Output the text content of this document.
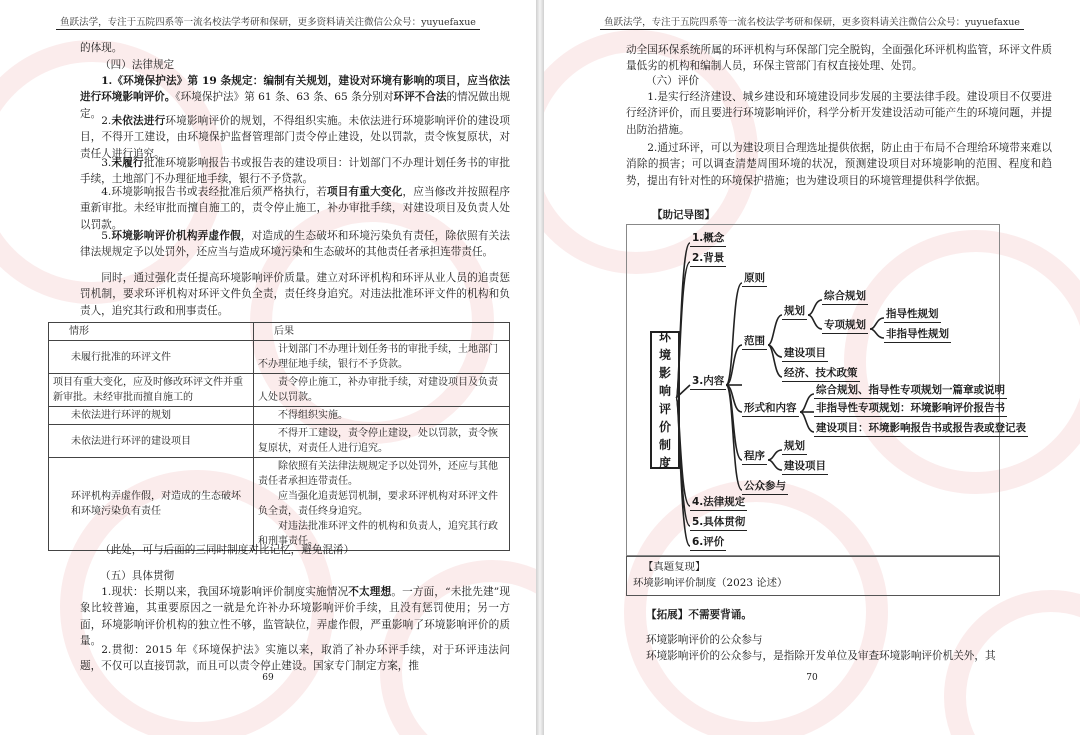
鱼跃法学，专注于五院四系等一流名校法学考研和保研，更多资料请关注微信公众号：yuyuefaxue
的体现。
（四）法律规定
1.《环境保护法》第 19 条规定：编制有关规划，建设对环境有影响的项目，应当依法进行环境影响评价。《环境保护法》第 61 条、63 条、65 条分别对环评不合法的情况做出规定。
2.未依法进行环境影响评价的规划，不得组织实施。未依法进行环境影响评价的建设项目，不得开工建设，由环境保护监督管理部门责令停止建设，处以罚款，责令恢复原状，对责任人进行追究。
3.未履行批准环境影响报告书或报告表的建设项目：计划部门不办理计划任务书的审批手续，土地部门不办理征地手续，银行不予贷款。
4.环境影响报告书或表经批准后须严格执行，若项目有重大变化，应当修改并按照程序重新审批。未经审批而擅自施工的，责令停止施工，补办审批手续，对建设项目及负责人处以罚款。
5.环境影响评价机构弄虚作假，对造成的生态破坏和环境污染负有责任，除依照有关法律法规规定予以处罚外，还应当与造成环境污染和生态破坏的其他责任者承担连带责任。
同时，通过强化责任提高环境影响评价质量。建立对环评机构和环评从业人员的追责惩罚机制，要求环评机构对环评文件负全责，责任终身追究。对违法批准环评文件的机构和负责人，追究其行政和刑事责任。
情形	后果
未履行批准的环评文件	计划部门不办理计划任务书的审批手续，土地部门不办理征地手续，银行不予贷款。
项目有重大变化，应及时修改环评文件并重新审批。未经审批而擅自施工的	责令停止施工，补办审批手续，对建设项目及负责人处以罚款。
未依法进行环评的规划	不得组织实施。
未依法进行环评的建设项目	不得开工建设，责令停止建设，处以罚款，责令恢复原状，对责任人进行追究。
环评机构弄虚作假，对造成的生态破坏和环境污染负有责任	除依照有关法律法规规定予以处罚外，还应与其他责任者承担连带责任。
应当强化追责惩罚机制，要求环评机构对环评文件负全责，责任终身追究。
对违法批准环评文件的机构和负责人，追究其行政和刑事责任。
（此处，可与后面的三同时制度对比记忆，避免混淆）
（五）具体贯彻
1.现状：长期以来，我国环境影响评价制度实施情况不太理想。一方面，“未批先建”现象比较普遍，其重要原因之一就是允许补办环境影响评价手续，且没有惩罚使用；另一方面，环境影响评价机构的独立性不够，监管缺位，弄虚作假，严重影响了环境影响评价的质量。
2.贯彻：2015 年《环境保护法》实施以来，取消了补办环评手续，对于环评违法问题，不仅可以直接罚款，而且可以责令停止建设。国家专门制定方案，推
69
鱼跃法学，专注于五院四系等一流名校法学考研和保研，更多资料请关注微信公众号：yuyuefaxue
动全国环保系统所属的环评机构与环保部门完全脱钩，全面强化环评机构监管，环评文件质量低劣的机构和编制人员，环保主管部门有权直接处理、处罚。
（六）评价
1.是实行经济建设、城乡建设和环境建设同步发展的主要法律手段。建设项目不仅要进行经济评价，而且要进行环境影响评价，科学分析开发建设活动可能产生的环境问题，并提出防治措施。
2.通过环评，可以为建设项目合理选址提供依据，防止由于布局不合理给环境带来难以消除的损害；可以调查清楚周围环境的状况，预测建设项目对环境影响的范围、程度和趋势，提出有针对性的环境保护措施；也为建设项目的环境管理提供科学依据。
70
【助记导图】
环境影响评价制度
1.概念
2.背景
3.内容
原则
范围
规划
综合规划
专项规划
指导性规划
非指导性规划
建设项目
经济、技术政策
形式和内容
综合规划、指导性专项规划一篇章或说明
非指导性专项规划：环境影响评价报告书
建设项目：环境影响报告书或报告表或登记表
程序
规划
建设项目
公众参与
4.法律规定
5.具体贯彻
6.评价
【真题复现】
环境影响评价制度（2023 论述）
【拓展】不需要背诵。
环境影响评价的公众参与
环境影响评价的公众参与，是指除开发单位及审查环境影响评价机关外，其
